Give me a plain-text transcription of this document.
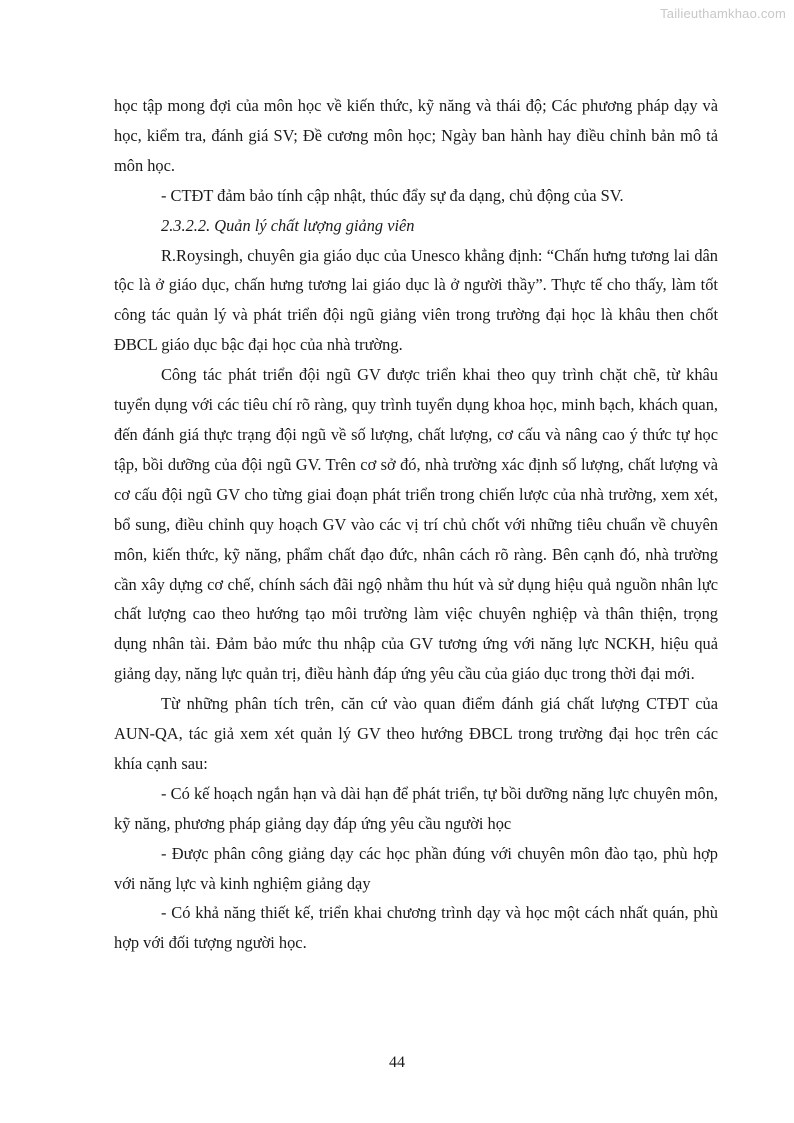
Tailieuthamkhao.com

học tập mong đợi của môn học về kiến thức, kỹ năng và thái độ; Các phương pháp dạy và học, kiểm tra, đánh giá SV; Đề cương môn học; Ngày ban hành hay điều chỉnh bản mô tả môn học.

- CTĐT đảm bảo tính cập nhật, thúc đẩy sự đa dạng, chủ động của SV.

2.3.2.2. Quản lý chất lượng giảng viên

R.Roysingh, chuyên gia giáo dục của Unesco khẳng định: “Chấn hưng tương lai dân tộc là ở giáo dục, chấn hưng tương lai giáo dục là ở người thầy”. Thực tế cho thấy, làm tốt công tác quản lý và phát triển đội ngũ giảng viên trong trường đại học là khâu then chốt ĐBCL giáo dục bậc đại học của nhà trường.

Công tác phát triển đội ngũ GV được triển khai theo quy trình chặt chẽ, từ khâu tuyển dụng với các tiêu chí rõ ràng, quy trình tuyển dụng khoa học, minh bạch, khách quan, đến đánh giá thực trạng đội ngũ về số lượng, chất lượng, cơ cấu và nâng cao ý thức tự học tập, bồi dưỡng của đội ngũ GV. Trên cơ sở đó, nhà trường xác định số lượng, chất lượng và cơ cấu đội ngũ GV cho từng giai đoạn phát triển trong chiến lược của nhà trường, xem xét, bổ sung, điều chỉnh quy hoạch GV vào các vị trí chủ chốt với những tiêu chuẩn về chuyên môn, kiến thức, kỹ năng, phẩm chất đạo đức, nhân cách rõ ràng. Bên cạnh đó, nhà trường cần xây dựng cơ chế, chính sách đãi ngộ nhằm thu hút và sử dụng hiệu quả nguồn nhân lực chất lượng cao theo hướng tạo môi trường làm việc chuyên nghiệp và thân thiện, trọng dụng nhân tài. Đảm bảo mức thu nhập của GV tương ứng với năng lực NCKH, hiệu quả giảng dạy, năng lực quản trị, điều hành đáp ứng yêu cầu của giáo dục trong thời đại mới.

Từ những phân tích trên, căn cứ vào quan điểm đánh giá chất lượng CTĐT của AUN-QA, tác giả xem xét quản lý GV theo hướng ĐBCL trong trường đại học trên các khía cạnh sau:

- Có kế hoạch ngắn hạn và dài hạn để phát triển, tự bồi dưỡng năng lực chuyên môn, kỹ năng, phương pháp giảng dạy đáp ứng yêu cầu người học

- Được phân công giảng dạy các học phần đúng với chuyên môn đào tạo, phù hợp với năng lực và kinh nghiệm giảng dạy

- Có khả năng thiết kế, triển khai chương trình dạy và học một cách nhất quán, phù hợp với đối tượng người học.

44
